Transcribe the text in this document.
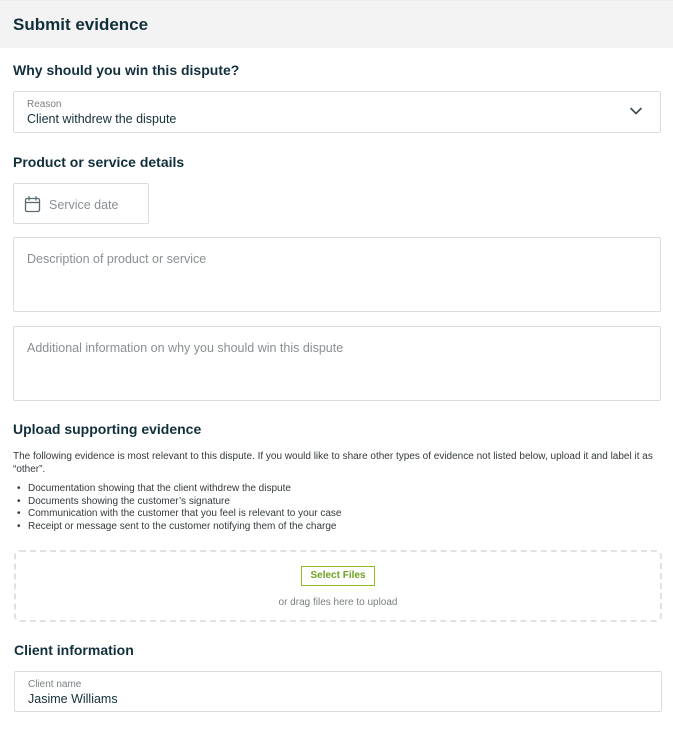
Submit evidence
Why should you win this dispute?
Reason
Client withdrew the dispute
Product or service details
Service date
Description of product or service
Additional information on why you should win this dispute
Upload supporting evidence
The following evidence is most relevant to this dispute. If you would like to share other types of evidence not listed below, upload it and label it as “other”.
• Documentation showing that the client withdrew the dispute
• Documents showing the customer’s signature
• Communication with the customer that you feel is relevant to your case
• Receipt or message sent to the customer notifying them of the charge
Select Files
or drag files here to upload
Client information
Client name
Jasime Williams
